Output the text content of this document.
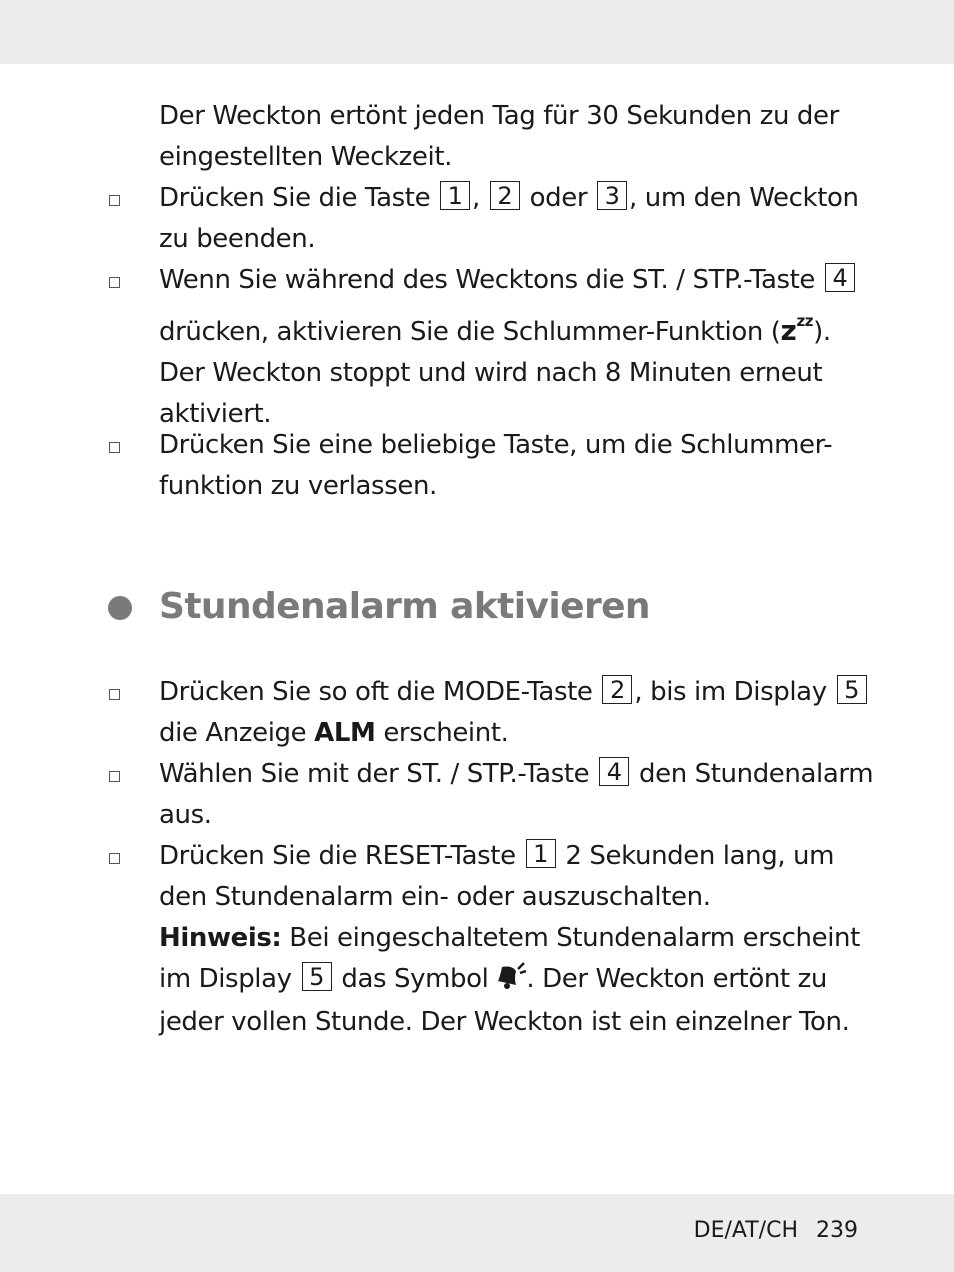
Der Weckton ertönt jeden Tag für 30 Sekunden zu der eingestellten Weckzeit.
Drücken Sie die Taste 1 , 2 oder 3 , um den Weckton zu beenden.
Wenn Sie während des Wecktons die ST. / STP.-Taste 4 drücken, aktivieren Sie die Schlummer-Funktion $(z^{zz})$. Der Weckton stoppt und wird nach 8 Minuten erneut aktiviert.
Drücken Sie eine beliebige Taste, um die Schlummer-funktion zu verlassen.
Stundenalarm aktivieren
Drücken Sie so oft die MODE-Taste 2 , bis im Display 5 die Anzeige ALM erscheint.
Wählen Sie mit der ST. / STP.-Taste 4 den Stundenalarm aus.
Drücken Sie die RESET-Taste 1 2 Sekunden lang, um den Stundenalarm ein- oder auszuschalten.
Hinweis: Bei eingeschaltetem Stundenalarm erscheint im Display 5 das Symbol . Der Weckton ertönt zu jeder vollen Stunde. Der Weckton ist ein einzelner Ton.
DE/AT/CH 239
